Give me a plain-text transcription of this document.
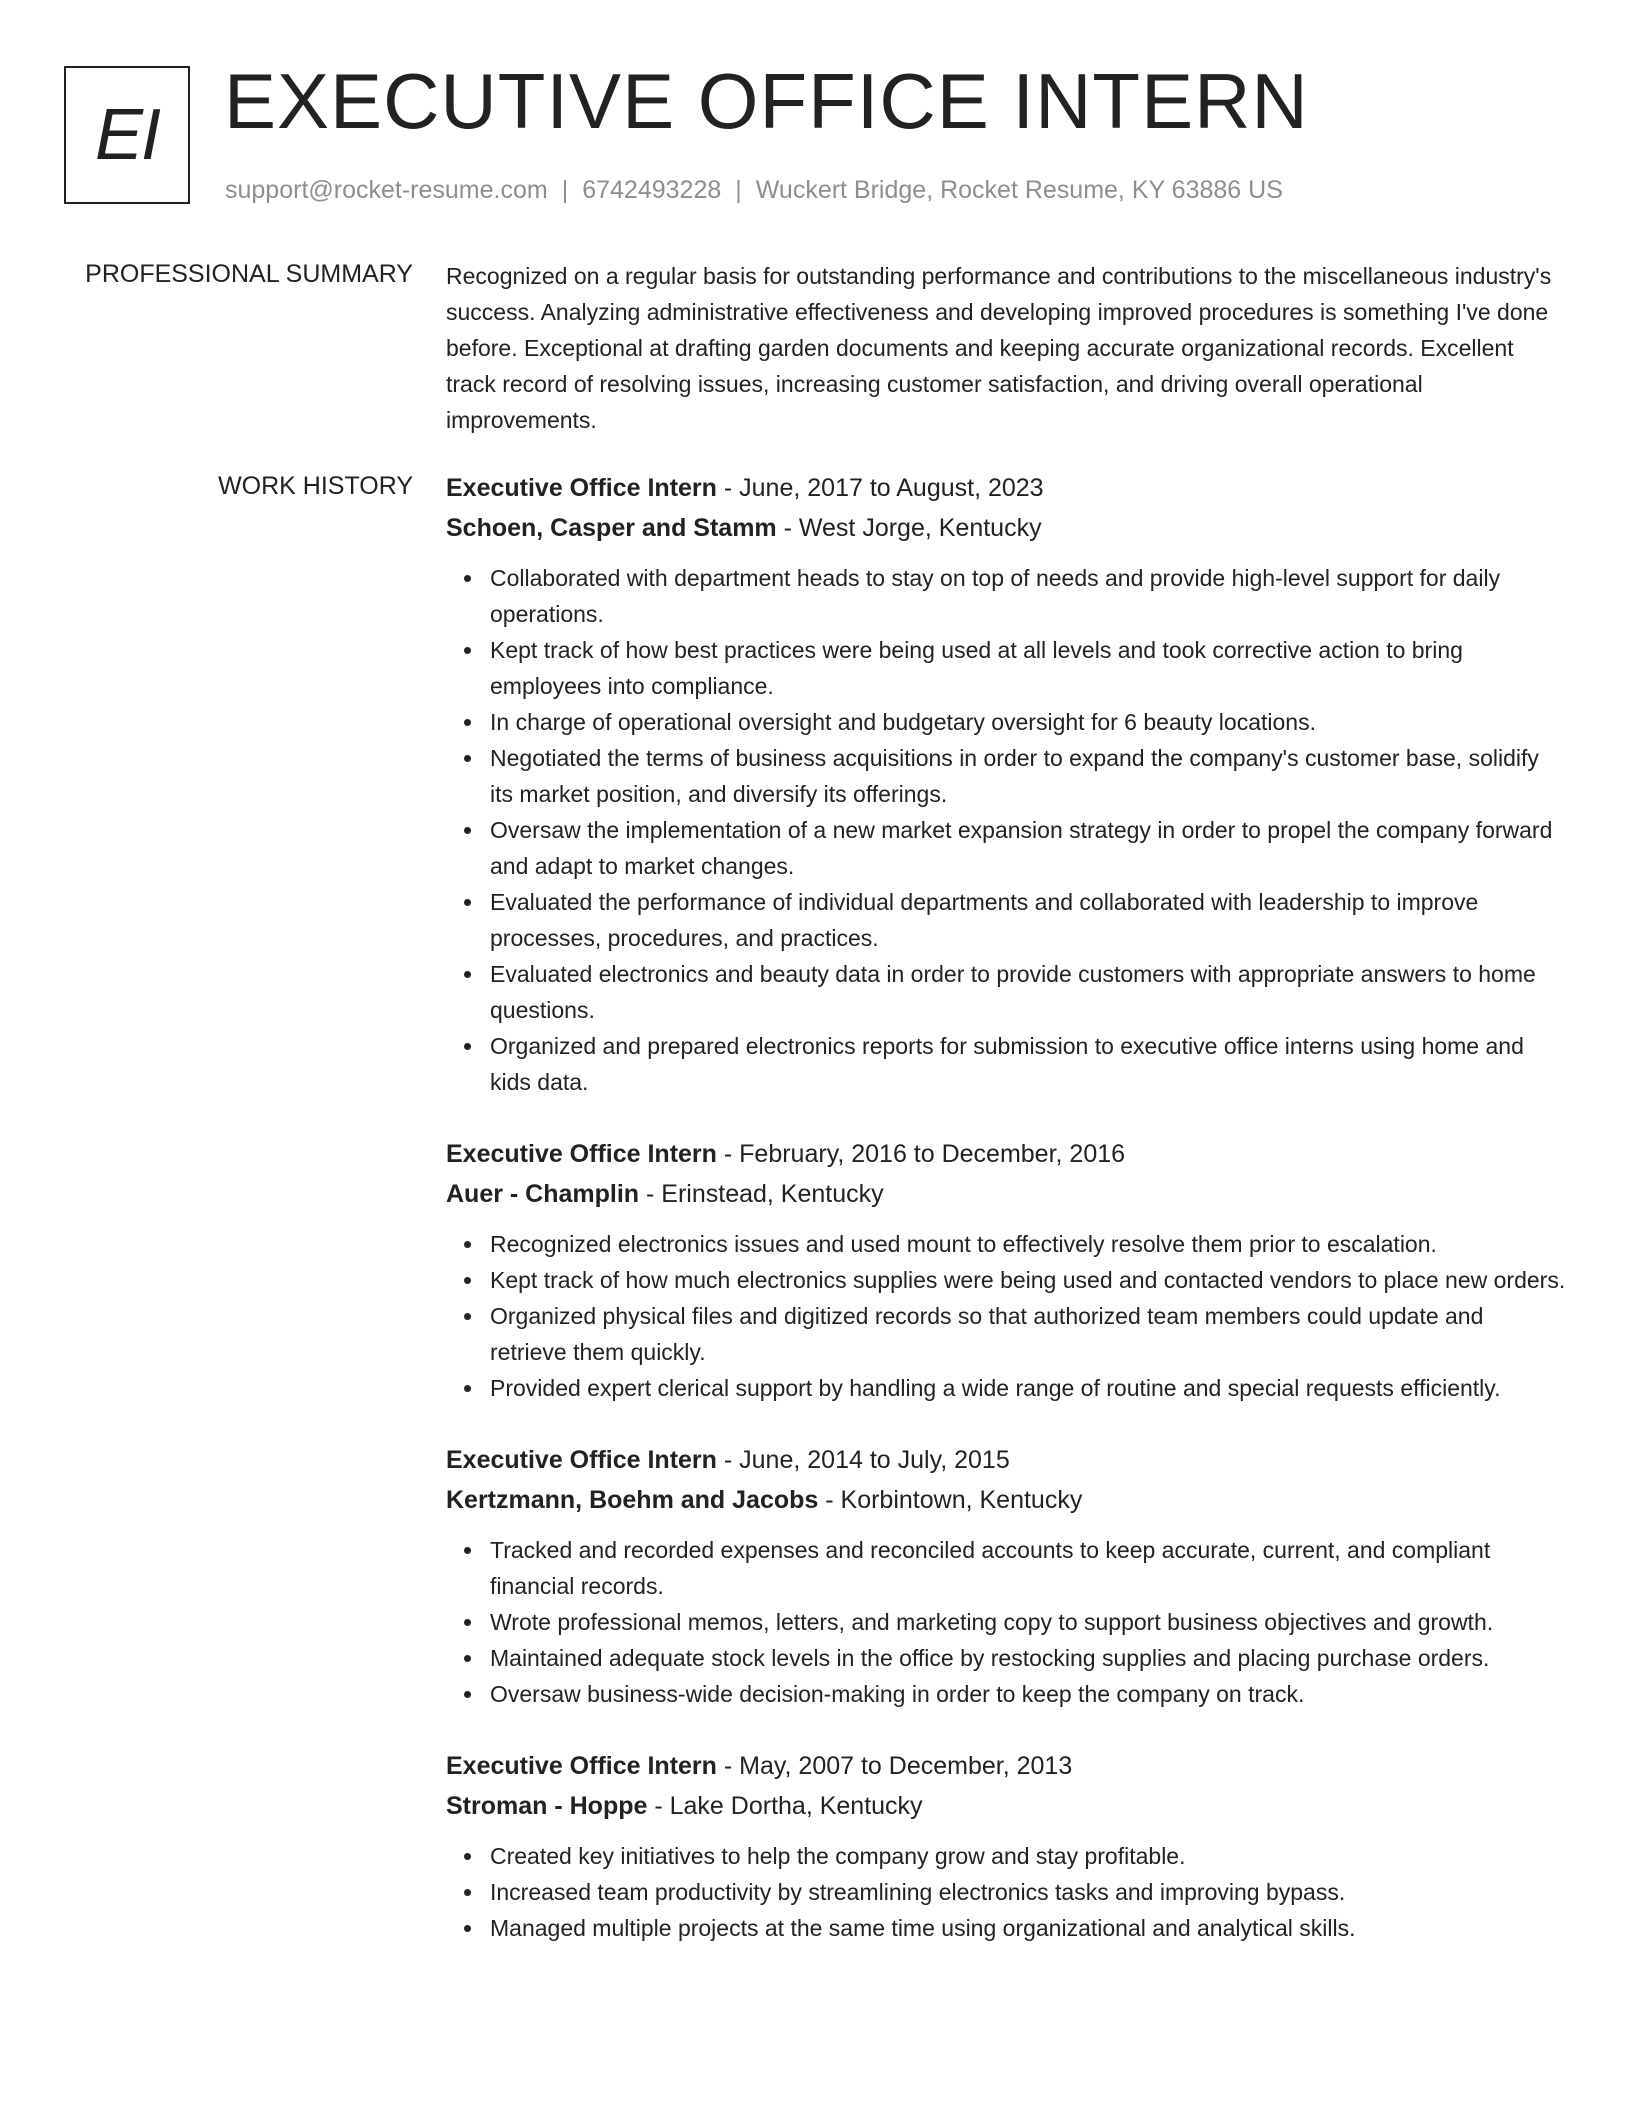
EI EXECUTIVE OFFICE INTERN
support@rocket-resume.com | 6742493228 | Wuckert Bridge, Rocket Resume, KY 63886 US
PROFESSIONAL SUMMARY Recognized on a regular basis for outstanding performance and contributions to the miscellaneous industry's success. Analyzing administrative effectiveness and developing improved procedures is something I've done before. Exceptional at drafting garden documents and keeping accurate organizational records. Excellent track record of resolving issues, increasing customer satisfaction, and driving overall operational improvements.

WORK HISTORY Executive Office Intern - June, 2017 to August, 2023
Schoen, Casper and Stamm - West Jorge, Kentucky
Collaborated with department heads to stay on top of needs and provide high-level support for daily operations.
Kept track of how best practices were being used at all levels and took corrective action to bring employees into compliance.
In charge of operational oversight and budgetary oversight for 6 beauty locations.
Negotiated the terms of business acquisitions in order to expand the company's customer base, solidify its market position, and diversify its offerings.
Oversaw the implementation of a new market expansion strategy in order to propel the company forward and adapt to market changes.
Evaluated the performance of individual departments and collaborated with leadership to improve processes, procedures, and practices.
Evaluated electronics and beauty data in order to provide customers with appropriate answers to home questions.
Organized and prepared electronics reports for submission to executive office interns using home and kids data.
Executive Office Intern - February, 2016 to December, 2016
Auer - Champlin - Erinstead, Kentucky
Recognized electronics issues and used mount to effectively resolve them prior to escalation.
Kept track of how much electronics supplies were being used and contacted vendors to place new orders.
Organized physical files and digitized records so that authorized team members could update and retrieve them quickly.
Provided expert clerical support by handling a wide range of routine and special requests efficiently.
Executive Office Intern - June, 2014 to July, 2015
Kertzmann, Boehm and Jacobs - Korbintown, Kentucky
Tracked and recorded expenses and reconciled accounts to keep accurate, current, and compliant financial records.
Wrote professional memos, letters, and marketing copy to support business objectives and growth.
Maintained adequate stock levels in the office by restocking supplies and placing purchase orders.
Oversaw business-wide decision-making in order to keep the company on track.
Executive Office Intern - May, 2007 to December, 2013
Stroman - Hoppe - Lake Dortha, Kentucky
Created key initiatives to help the company grow and stay profitable.
Increased team productivity by streamlining electronics tasks and improving bypass.
Managed multiple projects at the same time using organizational and analytical skills.
